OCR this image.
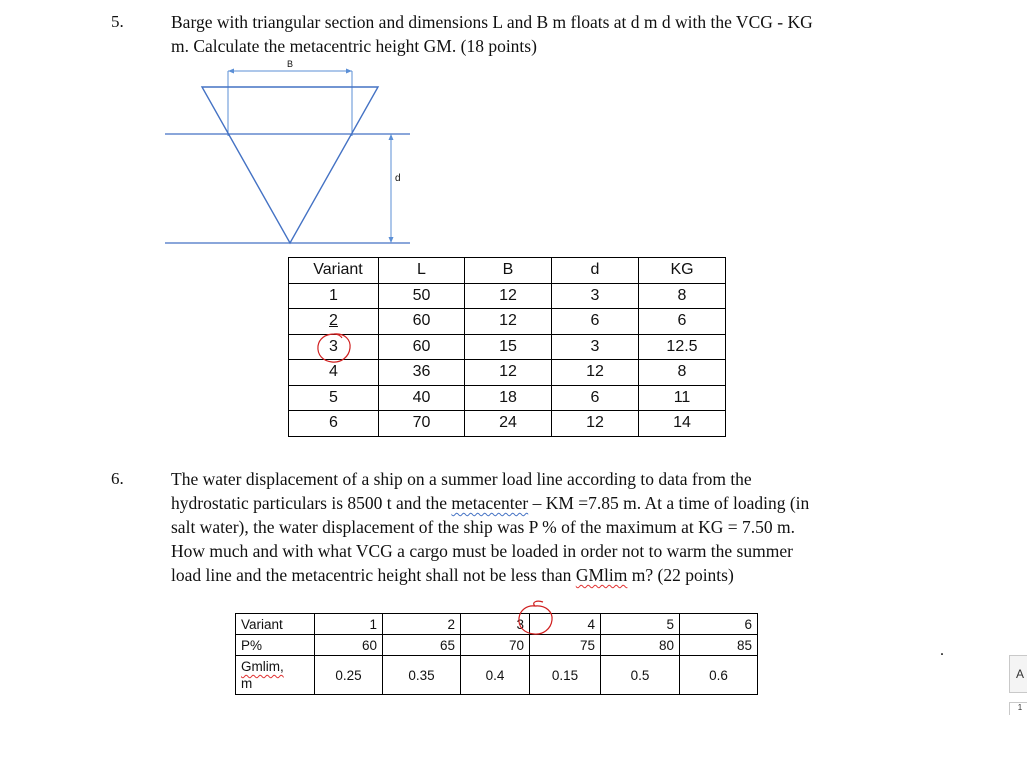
5.	Barge with triangular section and dimensions L and B m floats at d m d with the VCG - KG
m. Calculate the metacentric height GM. (18 points)
B
d
Variant	L	B	d	KG
1	50	12	3	8
2	60	12	6	6
3	60	15	3	12.5
4	36	12	12	8
5	40	18	6	11
6	70	24	12	14
6.	The water displacement of a ship on a summer load line according to data from the
hydrostatic particulars is 8500 t and the metacenter – KM =7.85 m. At a time of loading (in
salt water), the water displacement of the ship was P % of the maximum at KG = 7.50 m.
How much and with what VCG a cargo must be loaded in order not to warm the summer
load line and the metacentric height shall not be less than GMlim m? (22 points)
Variant	1	2	3	4	5	6
P%	60	65	70	75	80	85
Gmlim,
m	0.25	0.35	0.4	0.15	0.5	0.6
.
A
1
